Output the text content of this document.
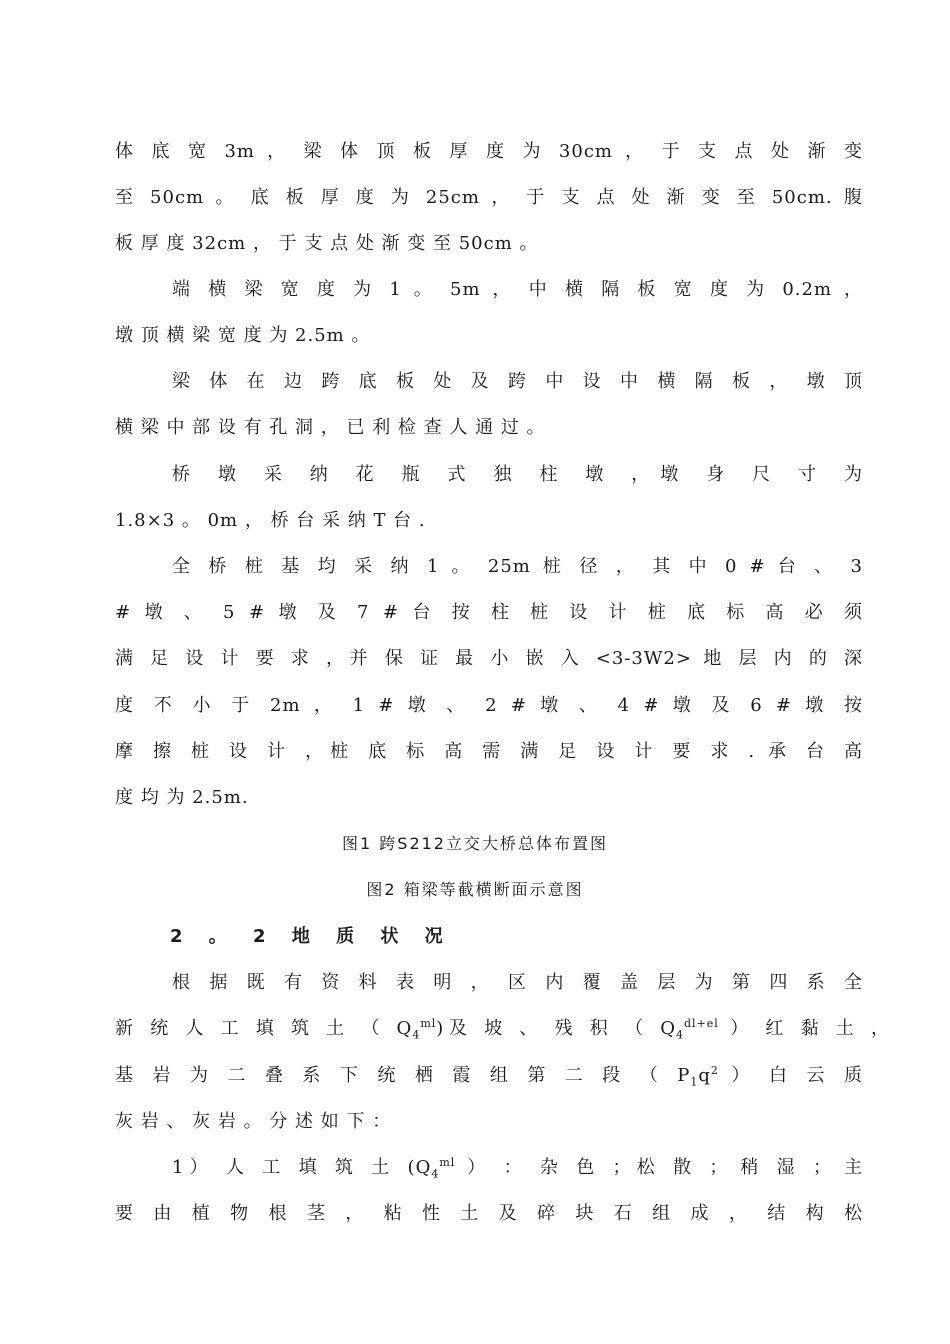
体 底 宽 3m ， 梁 体 顶 板 厚 度 为 30cm ， 于 支 点 处 渐 变
至 50cm 。 底 板 厚 度 为 25cm ， 于 支 点 处 渐 变 至 50cm. 腹
板 厚 度 32cm ， 于 支 点 处 渐 变 至 50cm 。
端 横 梁 宽 度 为 1 。 5m ， 中 横 隔 板 宽 度 为 0.2m ，
墩 顶 横 梁 宽 度 为 2.5m 。
梁 体 在 边 跨 底 板 处 及 跨 中 设 中 横 隔 板 ， 墩 顶
横 梁 中 部 设 有 孔 洞 ， 已 利 检 查 人 通 过 。
桥 墩 采 纳 花 瓶 式 独 柱 墩 ，墩 身 尺 寸 为
1.8×3 。 0m ， 桥 台 采 纳 T 台 .
全 桥 桩 基 均 采 纳 1 。 25m 桩 径 ， 其 中 0 # 台 、 3
# 墩 、 5 # 墩 及 7 # 台 按 柱 桩 设 计 桩 底 标 高 必 须
满 足 设 计 要 求 ，并 保 证 最 小 嵌 入 <3-3W2> 地 层 内 的 深
度 不 小 于 2m ， 1 # 墩 、 2 # 墩 、 4 # 墩 及 6 # 墩 按
摩 擦 桩 设 计 ，桩 底 标 高 需 满 足 设 计 要 求 . 承 台 高
度 均 为 2.5m.
图1 跨S212立交大桥总体布置图
图2 箱梁等截横断面示意图
2 。 2 地 质 状 况
根 据 既 有 资 料 表 明 ， 区 内 覆 盖 层 为 第 四 系 全
新 统 人 工 填 筑 土 （ $Q_4^{ml}$)及 坡 、 残 积 （ $Q_4^{dl+el}$ ） 红 黏 土 ，
基 岩 为 二 叠 系 下 统 栖 霞 组 第 二 段 （ $P_1q^2$ ） 白 云 质
灰 岩 、 灰 岩 。 分 述 如 下 ：
1） 人 工 填 筑 土 ($Q_4^{ml}$ ） ： 杂 色 ；松 散 ； 稍 湿 ； 主
要 由 植 物 根 茎 ， 粘 性 土 及 碎 块 石 组 成 ， 结 构 松
